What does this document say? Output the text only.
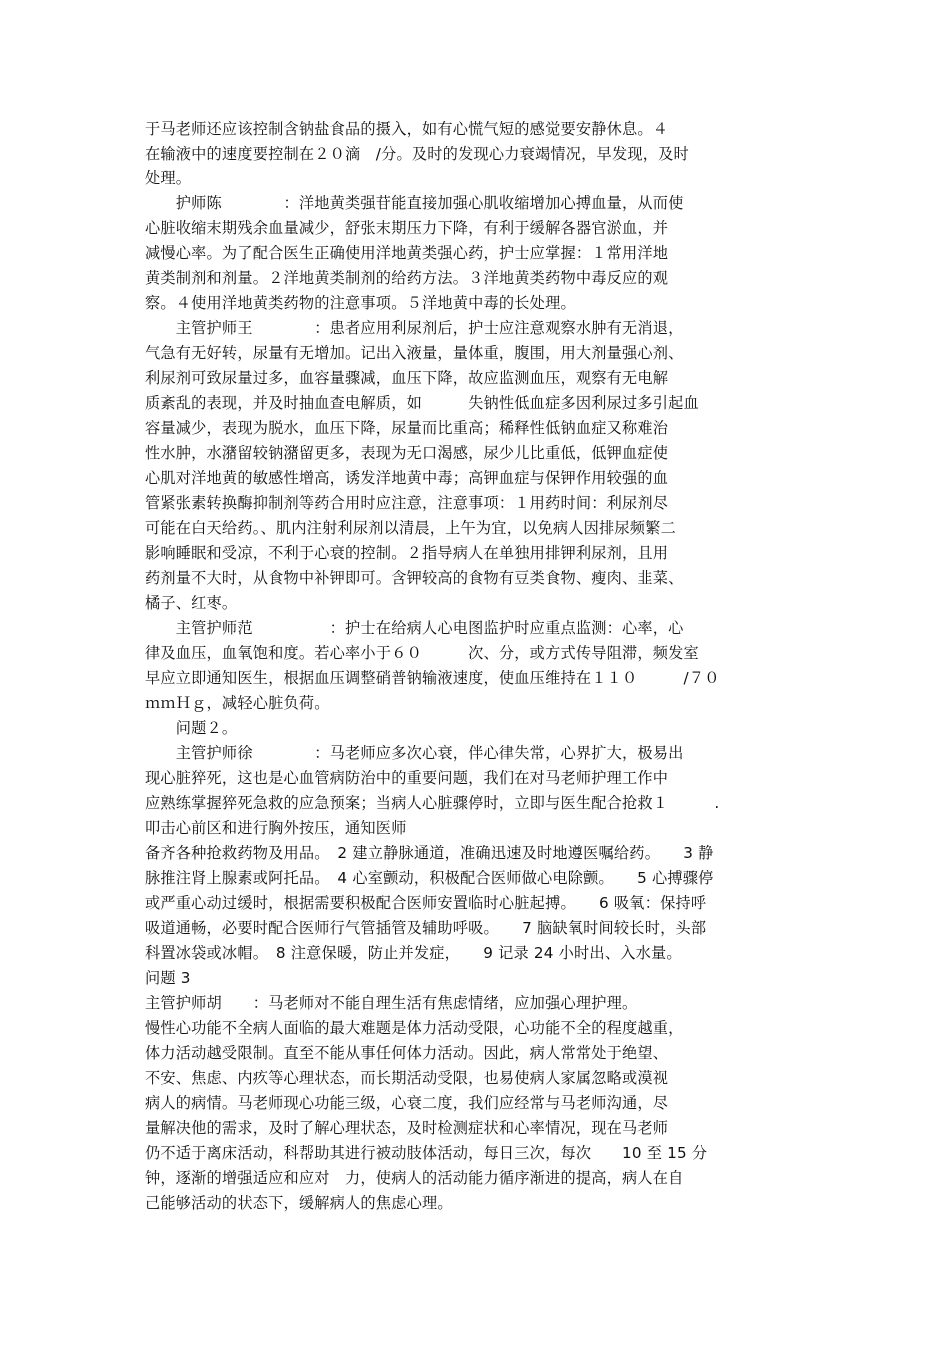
于马老师还应该控制含钠盐食品的摄入，如有心慌气短的感觉要安静休息。４
在输液中的速度要控制在２０滴　/分。及时的发现心力衰竭情况，早发现，及时
处理。
　　护师陈　　　　：洋地黄类强苷能直接加强心肌收缩增加心搏血量，从而使
心脏收缩末期残余血量减少，舒张末期压力下降，有利于缓解各器官淤血，并
减慢心率。为了配合医生正确使用洋地黄类强心药，护士应掌握：１常用洋地
黄类制剂和剂量。２洋地黄类制剂的给药方法。３洋地黄类药物中毒反应的观
察。４使用洋地黄类药物的注意事项。５洋地黄中毒的长处理。
　　主管护师王　　　　：患者应用利尿剂后，护士应注意观察水肿有无消退，
气急有无好转，尿量有无增加。记出入液量，量体重，腹围，用大剂量强心剂、
利尿剂可致尿量过多，血容量骤减，血压下降，故应监测血压，观察有无电解
质紊乱的表现，并及时抽血查电解质，如　　　失钠性低血症多因利尿过多引起血
容量减少，表现为脱水，血压下降，尿量而比重高；稀释性低钠血症又称难治
性水肿，水潴留较钠潴留更多，表现为无口渴感，尿少儿比重低，低钾血症使
心肌对洋地黄的敏感性增高，诱发洋地黄中毒；高钾血症与保钾作用较强的血
管紧张素转换酶抑制剂等药合用时应注意，注意事项：１用药时间：利尿剂尽
可能在白天给药。、肌内注射利尿剂以清晨，上午为宜，以免病人因排尿频繁二
影响睡眠和受凉，不利于心衰的控制。２指导病人在单独用排钾利尿剂，且用
药剂量不大时，从食物中补钾即可。含钾较高的食物有豆类食物、瘦肉、韭菜、
橘子、红枣。
　　主管护师范　　　　　：护士在给病人心电图监护时应重点监测：心率，心
律及血压，血氧饱和度。若心率小于６０　　　次、分，或方式传导阻滞，频发室
早应立即通知医生，根据血压调整硝普钠输液速度，使血压维持在１１０　　　/７０
ｍｍＨｇ，减轻心脏负荷。
　　问题２。
　　主管护师徐　　　　：马老师应多次心衰，伴心律失常，心界扩大，极易出
现心脏猝死，这也是心血管病防治中的重要问题，我们在对马老师护理工作中
应熟练掌握猝死急救的应急预案；当病人心脏骤停时，立即与医生配合抢救１　　　.
叩击心前区和进行胸外按压，通知医师
备齐各种抢救药物及用品。　2 建立静脉通道，准确迅速及时地遵医嘱给药。　　3 静
脉推注肾上腺素或阿托品。　4 心室颤动，积极配合医师做心电除颤。　　5 心搏骤停
或严重心动过缓时，根据需要积极配合医师安置临时心脏起搏。　　6 吸氧：保持呼
吸道通畅，必要时配合医师行气管插管及辅助呼吸。　　7 脑缺氧时间较长时，头部
科置冰袋或冰帽。　8 注意保暖，防止并发症，　　9 记录 24 小时出、入水量。
问题 3
主管护师胡　　：马老师对不能自理生活有焦虑情绪，应加强心理护理。
慢性心功能不全病人面临的最大难题是体力活动受限，心功能不全的程度越重，
体力活动越受限制。直至不能从事任何体力活动。因此，病人常常处于绝望、
不安、焦虑、内疚等心理状态，而长期活动受限，也易使病人家属忽略或漠视
病人的病情。马老师现心功能三级，心衰二度，我们应经常与马老师沟通，尽
量解决他的需求，及时了解心理状态，及时检测症状和心率情况，现在马老师
仍不适于离床活动，科帮助其进行被动肢体活动，每日三次，每次　　10 至 15 分
钟，逐渐的增强适应和应对　力，使病人的活动能力循序渐进的提高，病人在自
己能够活动的状态下，缓解病人的焦虑心理。
